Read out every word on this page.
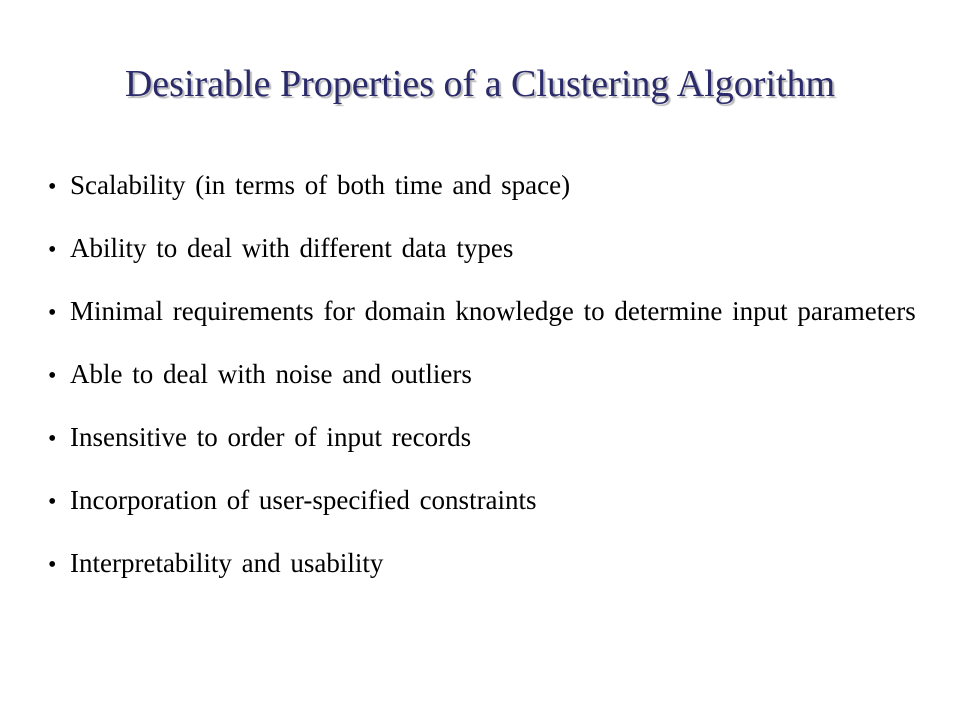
Desirable Properties of a Clustering Algorithm
• Scalability (in terms of both time and space)
• Ability to deal with different data types
• Minimal requirements for domain knowledge to determine input parameters
• Able to deal with noise and outliers
• Insensitive to order of input records
• Incorporation of user-specified constraints
• Interpretability and usability
